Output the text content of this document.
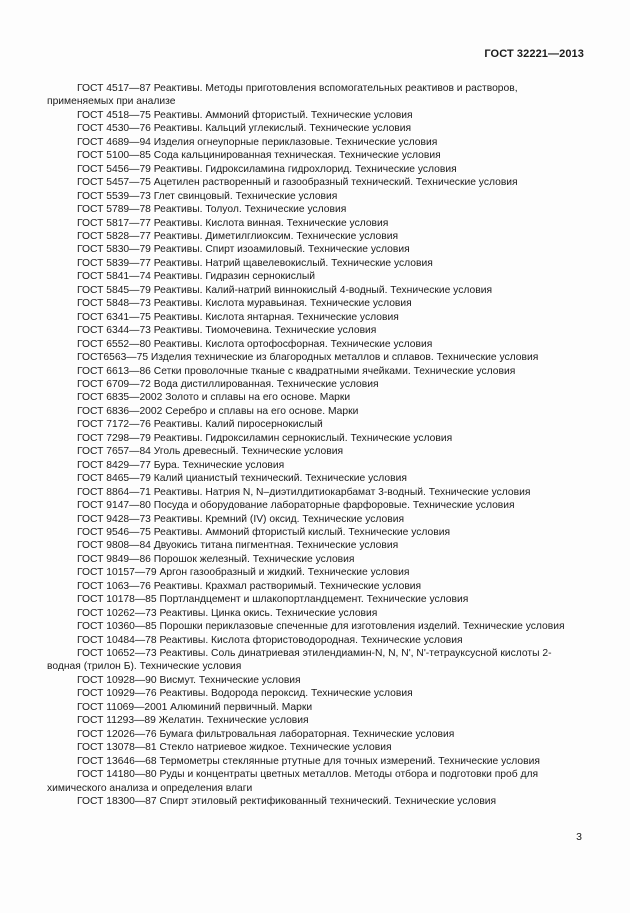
ГОСТ 32221—2013

ГОСТ 4517—87 Реактивы. Методы приготовления вспомогательных реактивов и растворов, применяемых при анализе

ГОСТ 4518—75 Реактивы. Аммоний фтористый. Технические условия

ГОСТ 4530—76 Реактивы. Кальций углекислый. Технические условия

ГОСТ 4689—94 Изделия огнеупорные периклазовые. Технические условия

ГОСТ 5100—85 Сода кальцинированная техническая. Технические условия

ГОСТ 5456—79 Реактивы. Гидроксиламина гидрохлорид. Технические условия

ГОСТ 5457—75 Ацетилен растворенный и газообразный технический. Технические условия

ГОСТ 5539—73 Глет свинцовый. Технические условия

ГОСТ 5789—78 Реактивы. Толуол. Технические условия

ГОСТ 5817—77 Реактивы. Кислота винная. Технические условия

ГОСТ 5828—77 Реактивы. Диметилглиоксим. Технические условия

ГОСТ 5830—79 Реактивы. Спирт изоамиловый. Технические условия

ГОСТ 5839—77 Реактивы. Натрий щавелевокислый. Технические условия

ГОСТ 5841—74 Реактивы. Гидразин сернокислый

ГОСТ 5845—79 Реактивы. Калий-натрий виннокислый 4-водный. Технические условия

ГОСТ 5848—73 Реактивы. Кислота муравьиная. Технические условия

ГОСТ 6341—75 Реактивы. Кислота янтарная. Технические условия

ГОСТ 6344—73 Реактивы. Тиомочевина. Технические условия

ГОСТ 6552—80 Реактивы. Кислота ортофосфорная. Технические условия

ГОСТ6563—75 Изделия технические из благородных металлов и сплавов. Технические условия

ГОСТ 6613—86 Сетки проволочные тканые с квадратными ячейками. Технические условия

ГОСТ 6709—72 Вода дистиллированная. Технические условия

ГОСТ 6835—2002 Золото и сплавы на его основе. Марки

ГОСТ 6836—2002 Серебро и сплавы на его основе. Марки

ГОСТ 7172—76 Реактивы. Калий пиросернокислый

ГОСТ 7298—79 Реактивы. Гидроксиламин сернокислый. Технические условия

ГОСТ 7657—84 Уголь древесный. Технические условия

ГОСТ 8429—77 Бура. Технические условия

ГОСТ 8465—79 Калий цианистый технический. Технические условия

ГОСТ 8864—71 Реактивы. Натрия N, N–диэтилдитиокарбамат 3-водный. Технические условия

ГОСТ 9147—80 Посуда и оборудование лабораторные фарфоровые. Технические условия

ГОСТ 9428—73 Реактивы. Кремний (IV) оксид. Технические условия

ГОСТ 9546—75 Реактивы. Аммоний фтористый кислый. Технические условия

ГОСТ 9808—84 Двуокись титана пигментная. Технические условия

ГОСТ 9849—86 Порошок железный. Технические условия

ГОСТ 10157—79 Аргон газообразный и жидкий. Технические условия

ГОСТ 1063—76 Реактивы. Крахмал растворимый. Технические условия

ГОСТ 10178—85 Портландцемент и шлакопортландцемент. Технические условия

ГОСТ 10262—73 Реактивы. Цинка окись. Технические условия

ГОСТ 10360—85 Порошки периклазовые спеченные для изготовления изделий. Технические условия

ГОСТ 10484—78 Реактивы. Кислота фтористоводородная. Технические условия

ГОСТ 10652—73 Реактивы. Соль динатриевая этилендиамин-N, N, N', N'-тетрауксусной кислоты 2-водная (трилон Б). Технические условия

ГОСТ 10928—90 Висмут. Технические условия

ГОСТ 10929—76 Реактивы. Водорода пероксид. Технические условия

ГОСТ 11069—2001 Алюминий первичный. Марки

ГОСТ 11293—89 Желатин. Технические условия

ГОСТ 12026—76 Бумага фильтровальная лабораторная. Технические условия

ГОСТ 13078—81 Стекло натриевое жидкое. Технические условия

ГОСТ 13646—68 Термометры стеклянные ртутные для точных измерений. Технические условия

ГОСТ 14180—80 Руды и концентраты цветных металлов. Методы отбора и подготовки проб для химического анализа и определения влаги

ГОСТ 18300—87 Спирт этиловый ректификованный технический. Технические условия

3
